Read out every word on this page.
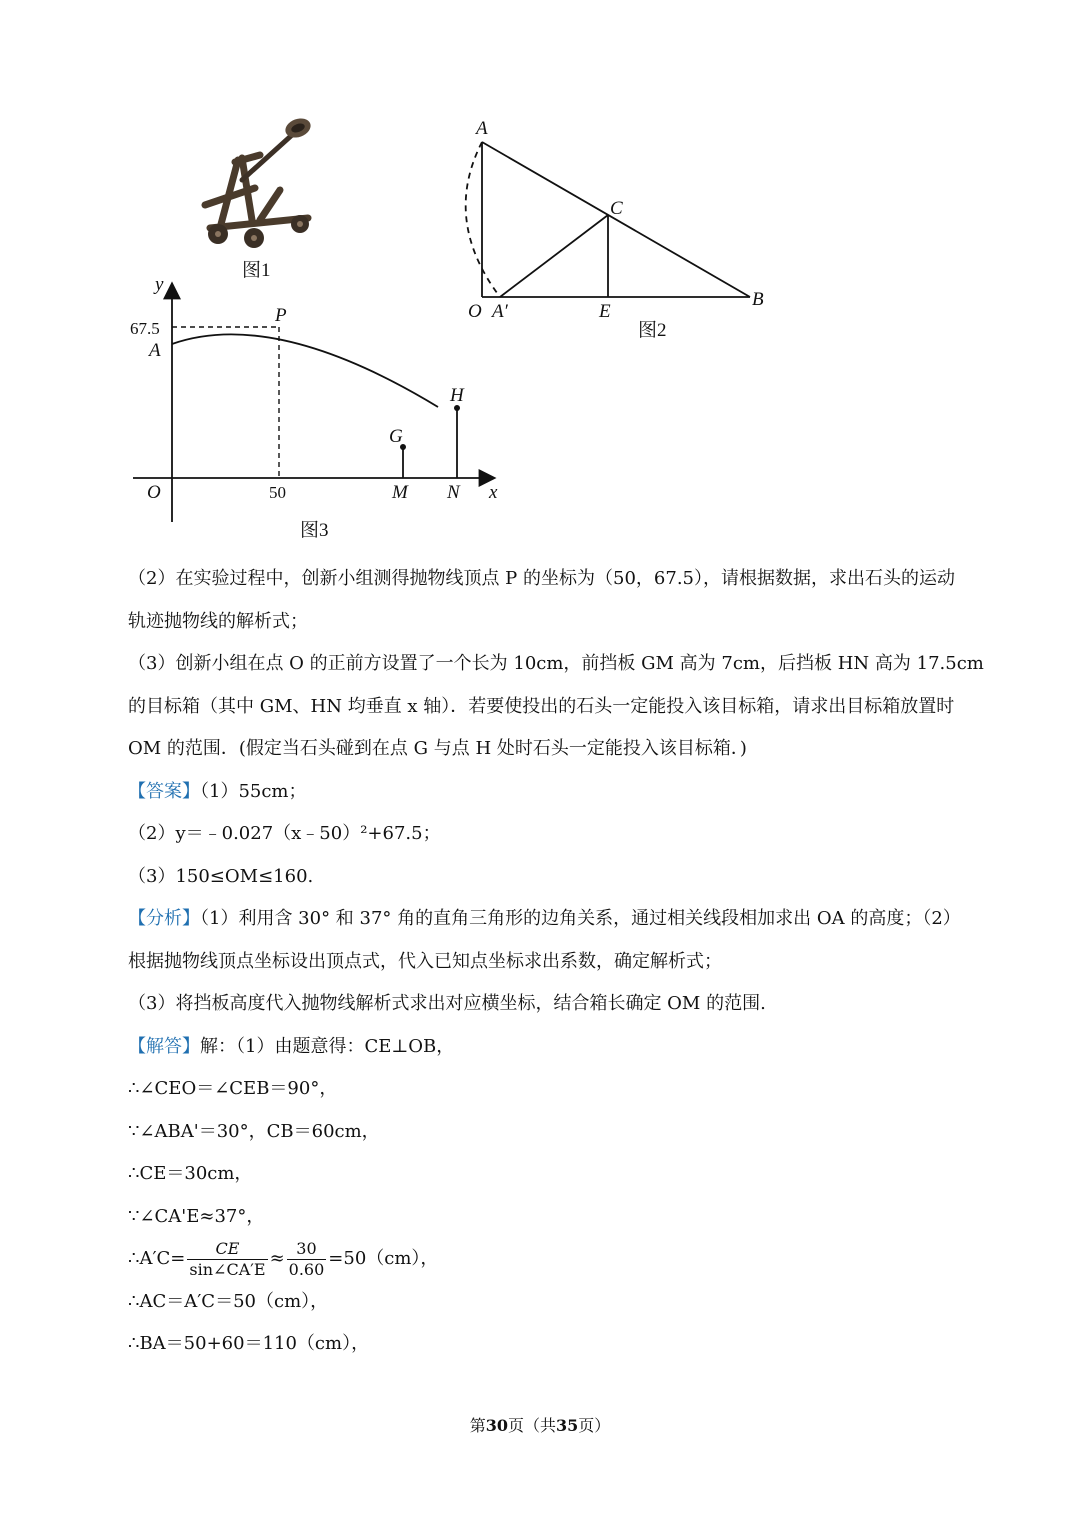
图1
A
C
O A′	E
B
图2
y
x
O
67.5
50
A
P
G
H
M N
图3

（2）在实验过程中，创新小组测得抛物线顶点 P 的坐标为（50，67.5），请根据数据，求出石头的运动

轨迹抛物线的解析式；

（3）创新小组在点 O 的正前方设置了一个长为 10cm，前挡板 GM 高为 7cm，后挡板 HN 高为 17.5cm

的目标箱（其中 GM、HN 均垂直 x 轴）．若要使投出的石头一定能投入该目标箱，请求出目标箱放置时

OM 的范围．(假定当石头碰到在点 G 与点 H 处时石头一定能投入该目标箱．)

【答案】（1）55cm；

（2）y＝﹣0.027（x﹣50）²+67.5；

（3）150≤OM≤160.

【分析】（1）利用含 30° 和 37° 角的直角三角形的边角关系，通过相关线段相加求出 OA 的高度；（2）

根据抛物线顶点坐标设出顶点式，代入已知点坐标求出系数，确定解析式；

（3）将挡板高度代入抛物线解析式求出对应横坐标，结合箱长确定 OM 的范围.

【解答】解：（1）由题意得：CE⊥OB，

∴∠CEO＝∠CEB＝90°，

∵∠ABA'＝30°，CB＝60cm，

∴CE＝30cm，

∵∠CA'E≈37°，

∴A′C= $\frac{CE}{\sin\angle CA'E} \approx \frac{30}{0.60} =50(cm)$，

∴AC＝A′C＝50（cm），

∴BA＝50+60＝110（cm），

第30页（共35页）
